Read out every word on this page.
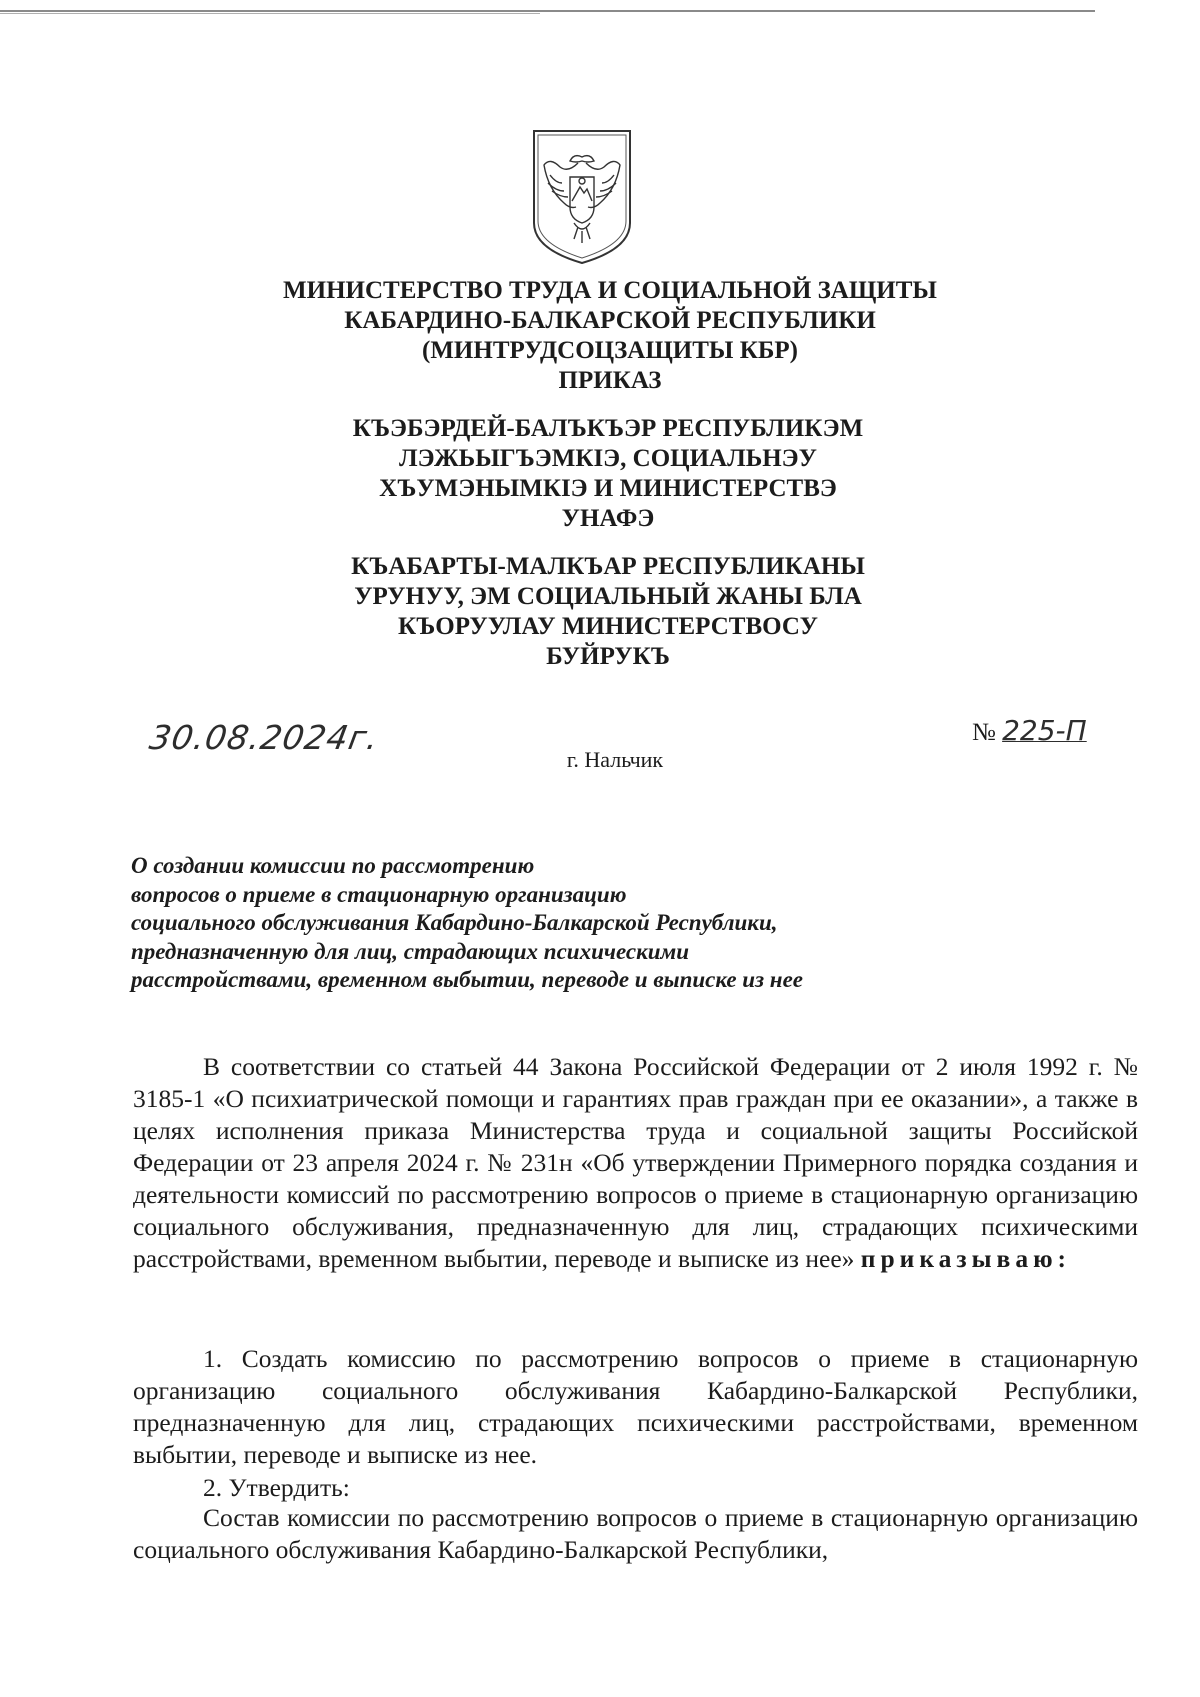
МИНИСТЕРСТВО ТРУДА И СОЦИАЛЬНОЙ ЗАЩИТЫ
КАБАРДИНО-БАЛКАРСКОЙ РЕСПУБЛИКИ
(МИНТРУДСОЦЗАЩИТЫ КБР)
ПРИКАЗ
КЪЭБЭРДЕЙ-БАЛЪКЪЭР РЕСПУБЛИКЭМ
ЛЭЖЬЫГЪЭМКIЭ, СОЦИАЛЬНЭУ
ХЪУМЭНЫМКIЭ И МИНИСТЕРСТВЭ
УНАФЭ
КЪАБАРТЫ-МАЛКЪАР РЕСПУБЛИКАНЫ
УРУНУУ, ЭМ СОЦИАЛЬНЫЙ ЖАНЫ БЛА
КЪОРУУЛАУ МИНИСТЕРСТВОСУ
БУЙРУКЪ
30.08.2024г.	№ 225-П
г. Нальчик
О создании комиссии по рассмотрению
вопросов о приеме в стационарную организацию
социального обслуживания Кабардино-Балкарской Республики,
предназначенную для лиц, страдающих психическими
расстройствами, временном выбытии, переводе и выписке из нее

В соответствии со статьей 44 Закона Российской Федерации от 2 июля 1992 г. № 3185-1 «О психиатрической помощи и гарантиях прав граждан при ее оказании», а также в целях исполнения приказа Министерства труда и социальной защиты Российской Федерации от 23 апреля 2024 г. № 231н «Об утверждении Примерного порядка создания и деятельности комиссий по рассмотрению вопросов о приеме в стационарную организацию социального обслуживания, предназначенную для лиц, страдающих психическими расстройствами, временном выбытии, переводе и выписке из нее» приказываю:

1. Создать комиссию по рассмотрению вопросов о приеме в стационарную организацию социального обслуживания Кабардино-Балкарской Республики, предназначенную для лиц, страдающих психическими расстройствами, временном выбытии, переводе и выписке из нее.

2. Утвердить:

Состав комиссии по рассмотрению вопросов о приеме в стационарную организацию социального обслуживания Кабардино-Балкарской Республики,
